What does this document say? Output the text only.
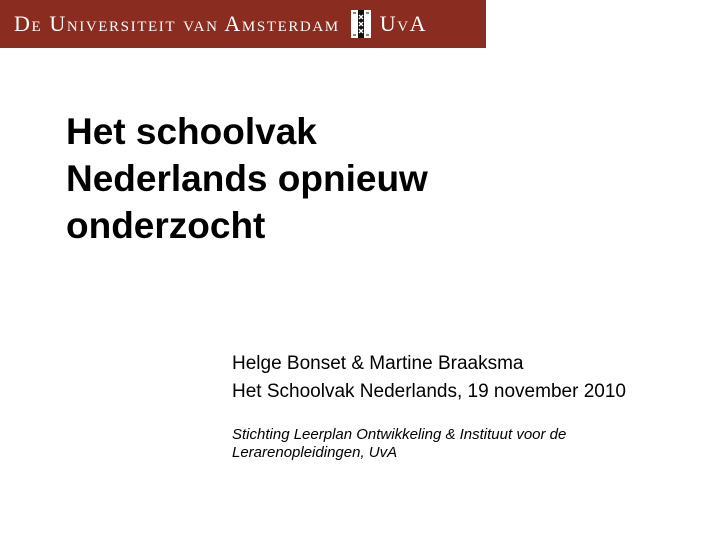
De Universiteit van Amsterdam UvA
Het schoolvak
Nederlands opnieuw
onderzocht
Helge Bonset & Martine Braaksma
Het Schoolvak Nederlands, 19 november 2010
Stichting Leerplan Ontwikkeling & Instituut voor de
Lerarenopleidingen, UvA
